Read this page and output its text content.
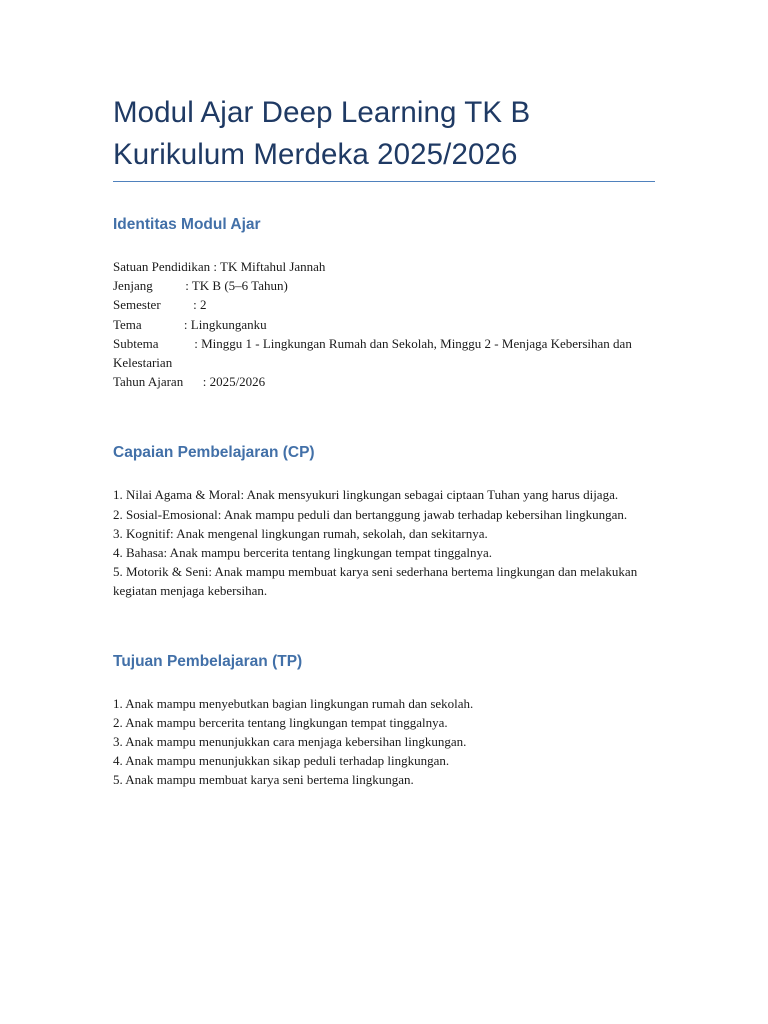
Modul Ajar Deep Learning TK B
Kurikulum Merdeka 2025/2026
Identitas Modul Ajar
Satuan Pendidikan : TK Miftahul Jannah
Jenjang          : TK B (5–6 Tahun)
Semester          : 2
Tema             : Lingkunganku
Subtema           : Minggu 1 - Lingkungan Rumah dan Sekolah, Minggu 2 - Menjaga Kebersihan dan Kelestarian
Tahun Ajaran      : 2025/2026
Capaian Pembelajaran (CP)
1. Nilai Agama & Moral: Anak mensyukuri lingkungan sebagai ciptaan Tuhan yang harus dijaga.
2. Sosial-Emosional: Anak mampu peduli dan bertanggung jawab terhadap kebersihan lingkungan.
3. Kognitif: Anak mengenal lingkungan rumah, sekolah, dan sekitarnya.
4. Bahasa: Anak mampu bercerita tentang lingkungan tempat tinggalnya.
5. Motorik & Seni: Anak mampu membuat karya seni sederhana bertema lingkungan dan melakukan kegiatan menjaga kebersihan.
Tujuan Pembelajaran (TP)
1. Anak mampu menyebutkan bagian lingkungan rumah dan sekolah.
2. Anak mampu bercerita tentang lingkungan tempat tinggalnya.
3. Anak mampu menunjukkan cara menjaga kebersihan lingkungan.
4. Anak mampu menunjukkan sikap peduli terhadap lingkungan.
5. Anak mampu membuat karya seni bertema lingkungan.
